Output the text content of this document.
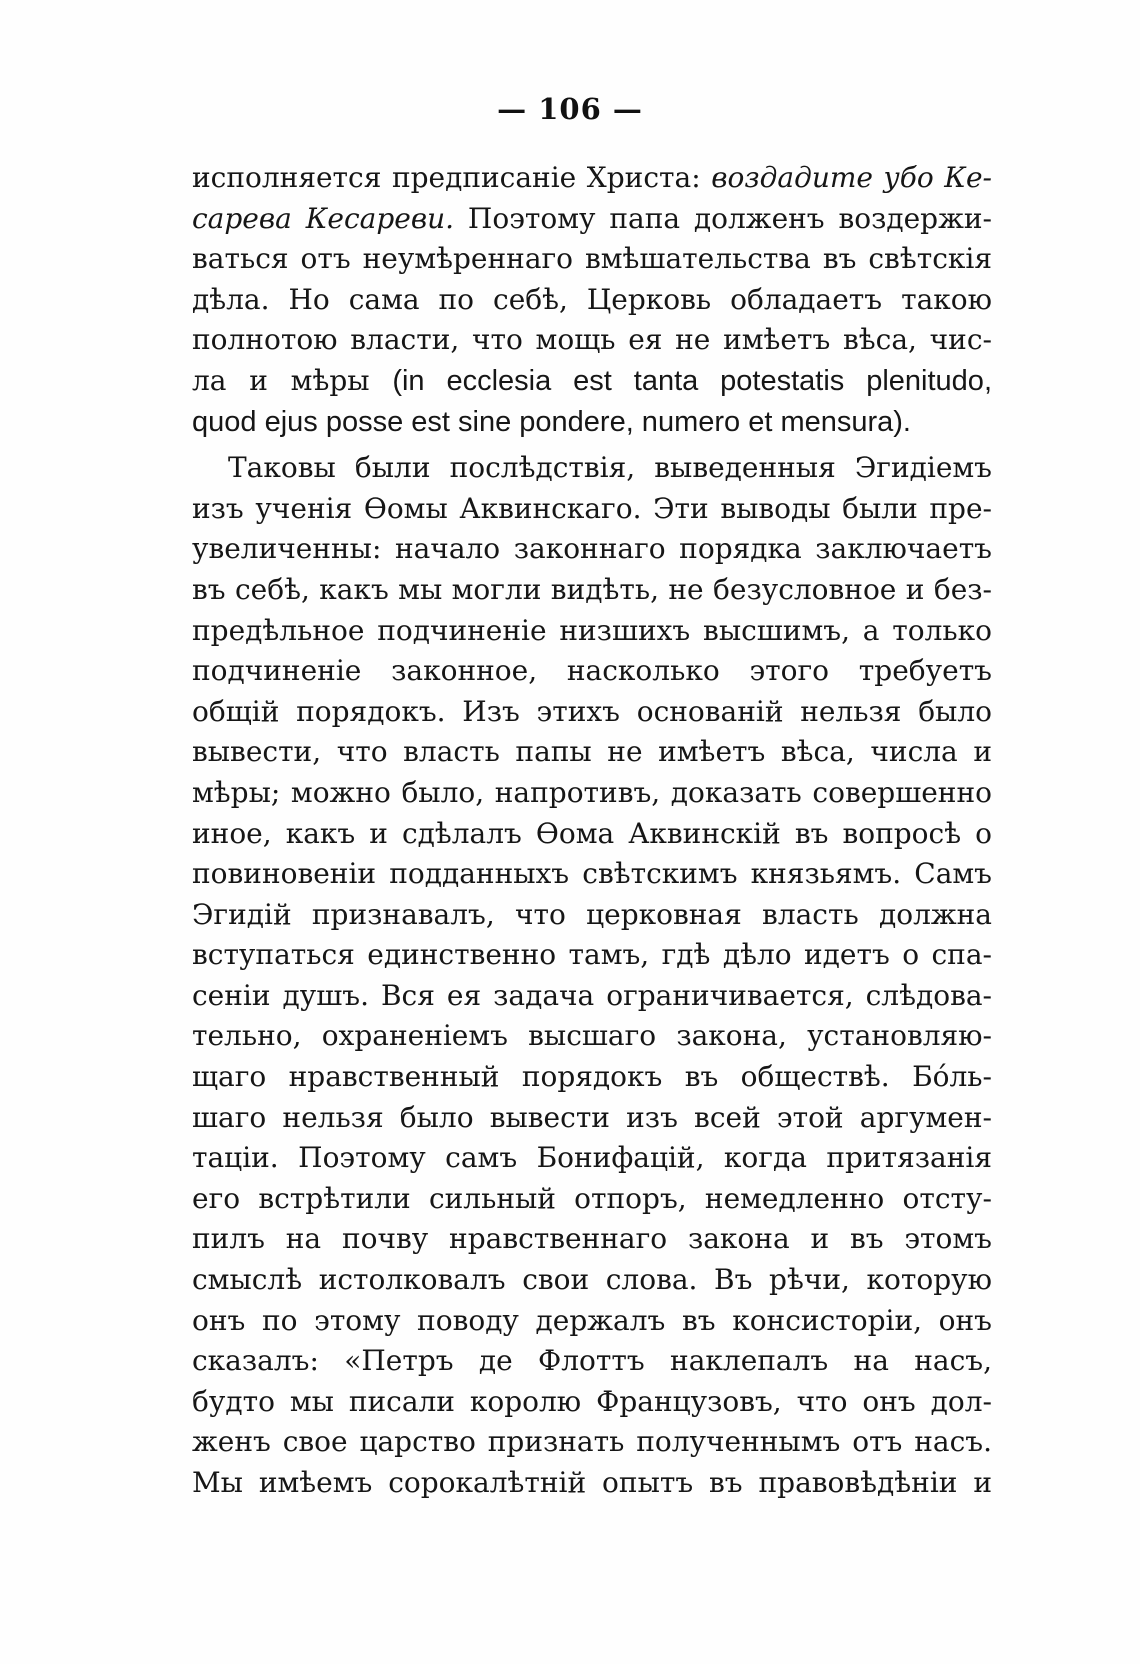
— 106 —
исполняется предписанiе Христа: воздадите убо Ке-
сарева Кесареви. Поэтому папа долженъ воздержи-
ваться отъ неумѣреннаго вмѣшательства въ свѣтскiя
дѣла. Но сама по себѣ, Церковь обладаетъ такою
полнотою власти, что мощь ея не имѣетъ вѣса, чис-
ла и мѣры (in ecclesia est tanta potestatis plenitudo,
quod ejus posse est sine pondere, numero et mensura).
Таковы были послѣдствiя, выведенныя Эгидiемъ
изъ ученiя Ѳомы Аквинскаго. Эти выводы были пре-
увеличенны: начало законнаго порядка заключаетъ
въ себѣ, какъ мы могли видѣть, не безусловное и без-
предѣльное подчиненiе низшихъ высшимъ, а только
подчиненiе законное, насколько этого требуетъ
общiй порядокъ. Изъ этихъ основанiй нельзя было
вывести, что власть папы не имѣетъ вѣса, числа и
мѣры; можно было, напротивъ, доказать совершенно
иное, какъ и сдѣлалъ Ѳома Аквинскiй въ вопросѣ о
повиновенiи подданныхъ свѣтскимъ князьямъ. Самъ
Эгидiй признавалъ, что церковная власть должна
вступаться единственно тамъ, гдѣ дѣло идетъ о спа-
сенiи душъ. Вся ея задача ограничивается, слѣдова-
тельно, охраненiемъ высшаго закона, установляю-
щаго нравственный порядокъ въ обществѣ. Бóль-
шаго нельзя было вывести изъ всей этой аргумен-
тацiи. Поэтому самъ Бонифацiй, когда притязанiя
его встрѣтили сильный отпоръ, немедленно отсту-
пилъ на почву нравственнаго закона и въ этомъ
смыслѣ истолковалъ свои слова. Въ рѣчи, которую
онъ по этому поводу держалъ въ консисторiи, онъ
сказалъ: «Петръ де Флоттъ наклепалъ на насъ,
будто мы писали королю Французовъ, что онъ дол-
женъ свое царство признать полученнымъ отъ насъ.
Мы имѣемъ сорокалѣтнiй опытъ въ правовѣдѣнiи и
